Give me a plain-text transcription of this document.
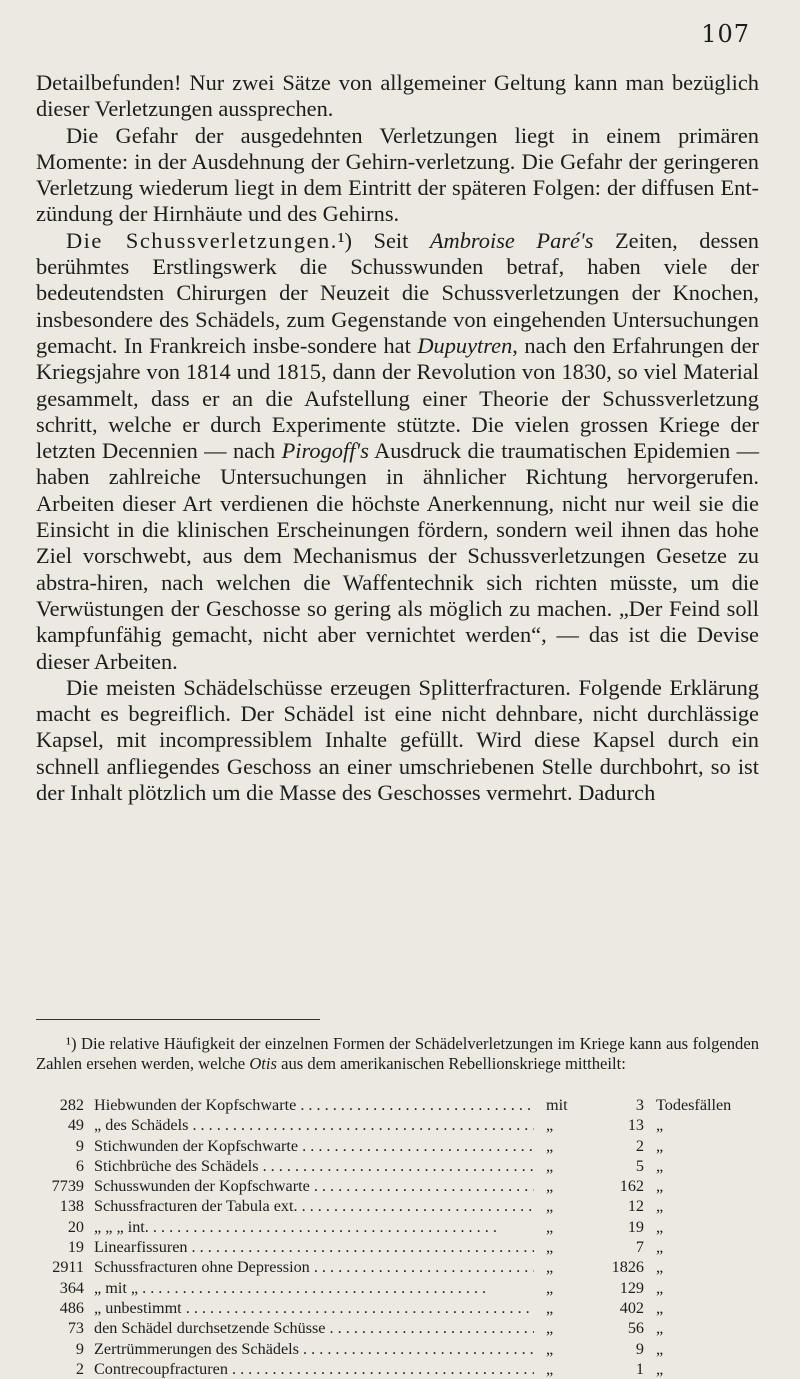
107

Detailbefunden! Nur zwei Sätze von allgemeiner Geltung kann man bezüglich dieser Verletzungen aussprechen.

Die Gefahr der ausgedehnten Verletzungen liegt in einem primären Momente: in der Ausdehnung der Gehirn-verletzung. Die Gefahr der geringeren Verletzung wiederum liegt in dem Eintritt der späteren Folgen: der diffusen Ent-zündung der Hirnhäute und des Gehirns.

Die Schussverletzungen.¹) Seit Ambroise Paré's Zeiten, dessen berühmtes Erstlingswerk die Schusswunden betraf, haben viele der bedeutendsten Chirurgen der Neuzeit die Schussverletzungen der Knochen, insbesondere des Schädels, zum Gegenstande von eingehenden Untersuchungen gemacht. In Frankreich insbe-sondere hat Dupuytren, nach den Erfahrungen der Kriegsjahre von 1814 und 1815, dann der Revolution von 1830, so viel Material gesammelt, dass er an die Aufstellung einer Theorie der Schussverletzung schritt, welche er durch Experimente stützte. Die vielen grossen Kriege der letzten Decennien — nach Pirogoff's Ausdruck die traumatischen Epidemien — haben zahlreiche Untersuchungen in ähnlicher Richtung hervorgerufen. Arbeiten dieser Art verdienen die höchste Anerkennung, nicht nur weil sie die Einsicht in die klinischen Erscheinungen fördern, sondern weil ihnen das hohe Ziel vorschwebt, aus dem Mechanismus der Schussverletzungen Gesetze zu abstra-hiren, nach welchen die Waffentechnik sich richten müsste, um die Verwüstungen der Geschosse so gering als möglich zu machen. „Der Feind soll kampfunfähig gemacht, nicht aber vernichtet werden“, — das ist die Devise dieser Arbeiten.

Die meisten Schädelschüsse erzeugen Splitterfracturen. Folgende Erklärung macht es begreiflich. Der Schädel ist eine nicht dehnbare, nicht durchlässige Kapsel, mit incompressiblem Inhalte gefüllt. Wird diese Kapsel durch ein schnell anfliegendes Geschoss an einer umschriebenen Stelle durchbohrt, so ist der Inhalt plötzlich um die Masse des Geschosses vermehrt. Dadurch

¹) Die relative Häufigkeit der einzelnen Formen der Schädelverletzungen im Kriege kann aus folgenden Zahlen ersehen werden, welche Otis aus dem amerikanischen Rebellionskriege mittheilt:

282 Hiebwunden der Kopfschwarte . . .	mit	3 Todesfällen
49 „ des Schädels . . .	„	13 „
9 Stichwunden der Kopfschwarte . . .	„	2 „
6 Stichbrüche des Schädels . . .	„	5 „
7739 Schusswunden der Kopfschwarte . . .	„	162 „
138 Schussfracturen der Tabula ext. . . .	„	12 „
20 „ „ „ int. . . .	„	19 „
19 Linearfissuren . . .	„	7 „
2911 Schussfracturen ohne Depression . . .	„	1826 „
364 „ mit „ . . .	„	129 „
486 „ unbestimmt . . .	„	402 „
73 den Schädel durchsetzende Schüsse . . .	„	56 „
9 Zertrümmerungen des Schädels . . .	„	9 „
2 Contrecoupfracturen . . .	„	1 „
